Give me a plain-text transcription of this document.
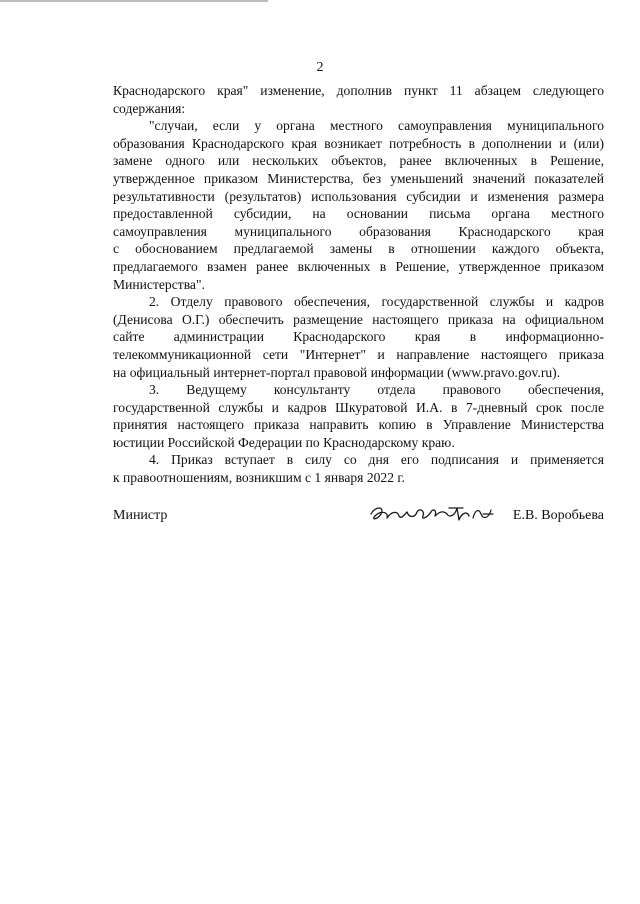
2
Краснодарского края" изменение, дополнив пункт 11 абзацем следующего
содержания:
"случаи, если у органа местного самоуправления муниципального
образования Краснодарского края возникает потребность в дополнении и (или)
замене одного или нескольких объектов, ранее включенных в Решение,
утвержденное приказом Министерства, без уменьшений значений показателей
результативности (результатов) использования субсидии и изменения размера
предоставленной субсидии, на основании письма органа местного
самоуправления муниципального образования Краснодарского края
с обоснованием предлагаемой замены в отношении каждого объекта,
предлагаемого взамен ранее включенных в Решение, утвержденное приказом
Министерства".
2. Отделу правового обеспечения, государственной службы и кадров
(Денисова О.Г.) обеспечить размещение настоящего приказа на официальном
сайте администрации Краснодарского края в информационно-
телекоммуникационной сети "Интернет" и направление настоящего приказа
на официальный интернет-портал правовой информации (www.pravo.gov.ru).
3. Ведущему консультанту отдела правового обеспечения,
государственной службы и кадров Шкуратовой И.А. в 7-дневный срок после
принятия настоящего приказа направить копию в Управление Министерства
юстиции Российской Федерации по Краснодарскому краю.
4. Приказ вступает в силу со дня его подписания и применяется
к правоотношениям, возникшим с 1 января 2022 г.
Министр	Е.В. Воробьева
